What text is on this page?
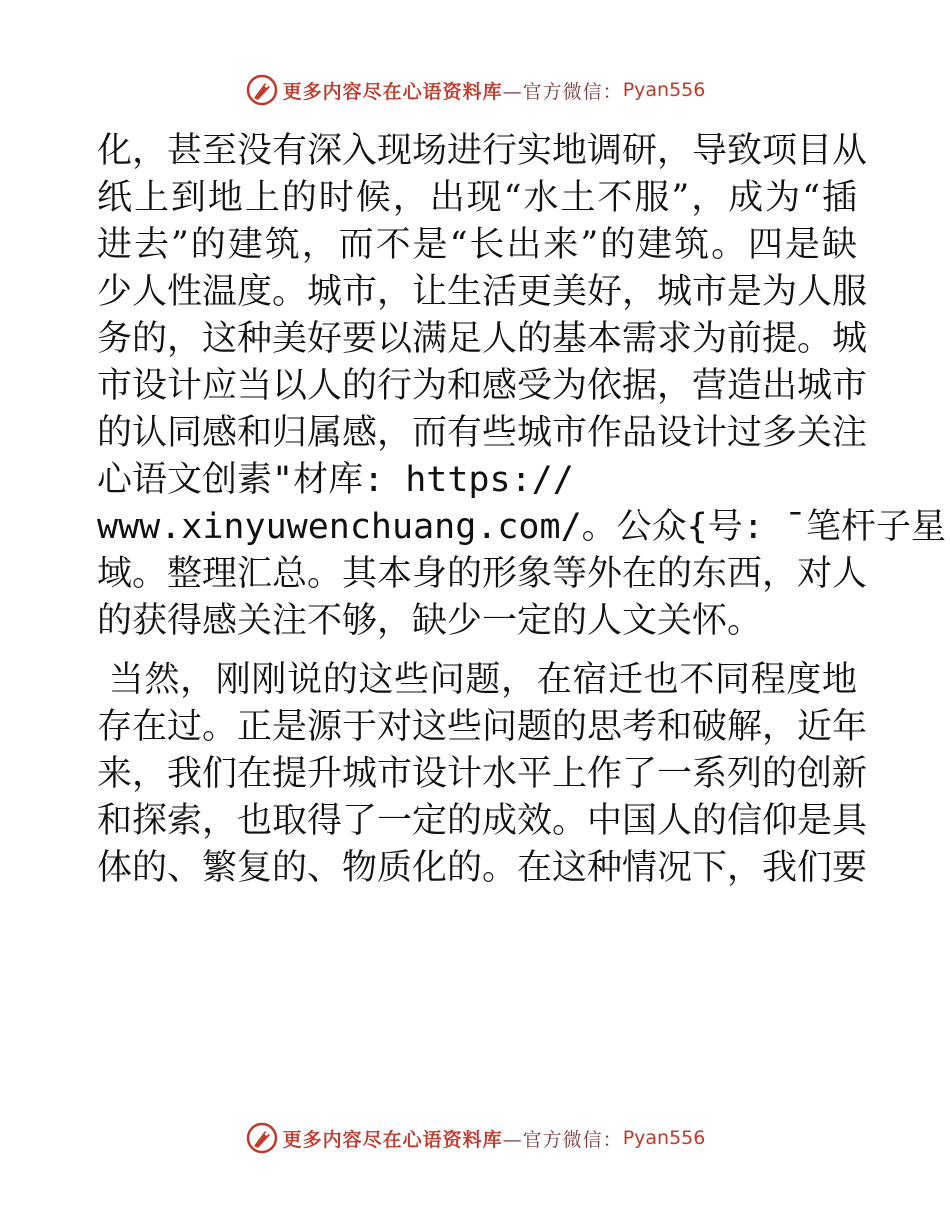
更多内容尽在心语资料库 —官方微信： Pyan556
化，甚至没有深入现场进行实地调研，导致项目从
纸上到地上的时候，出现“水土不服”，成为“插
进去”的建筑，而不是“长出来”的建筑。四是缺
少人性温度。城市，让生活更美好，城市是为人服
务的，这种美好要以满足人的基本需求为前提。城
市设计应当以人的行为和感受为依据，营造出城市
的认同感和归属感，而有些城市作品设计过多关注
心语文创素"材库: https://
www.xinyuwenchuang.com/。公众{号: ¯笔杆子星
域。整理汇总。其本身的形象等外在的东西，对人
的获得感关注不够，缺少一定的人文关怀。
当然，刚刚说的这些问题，在宿迁也不同程度地
存在过。正是源于对这些问题的思考和破解，近年
来，我们在提升城市设计水平上作了一系列的创新
和探索，也取得了一定的成效。中国人的信仰是具
体的、繁复的、物质化的。在这种情况下，我们要
更多内容尽在心语资料库 —官方微信： Pyan556
